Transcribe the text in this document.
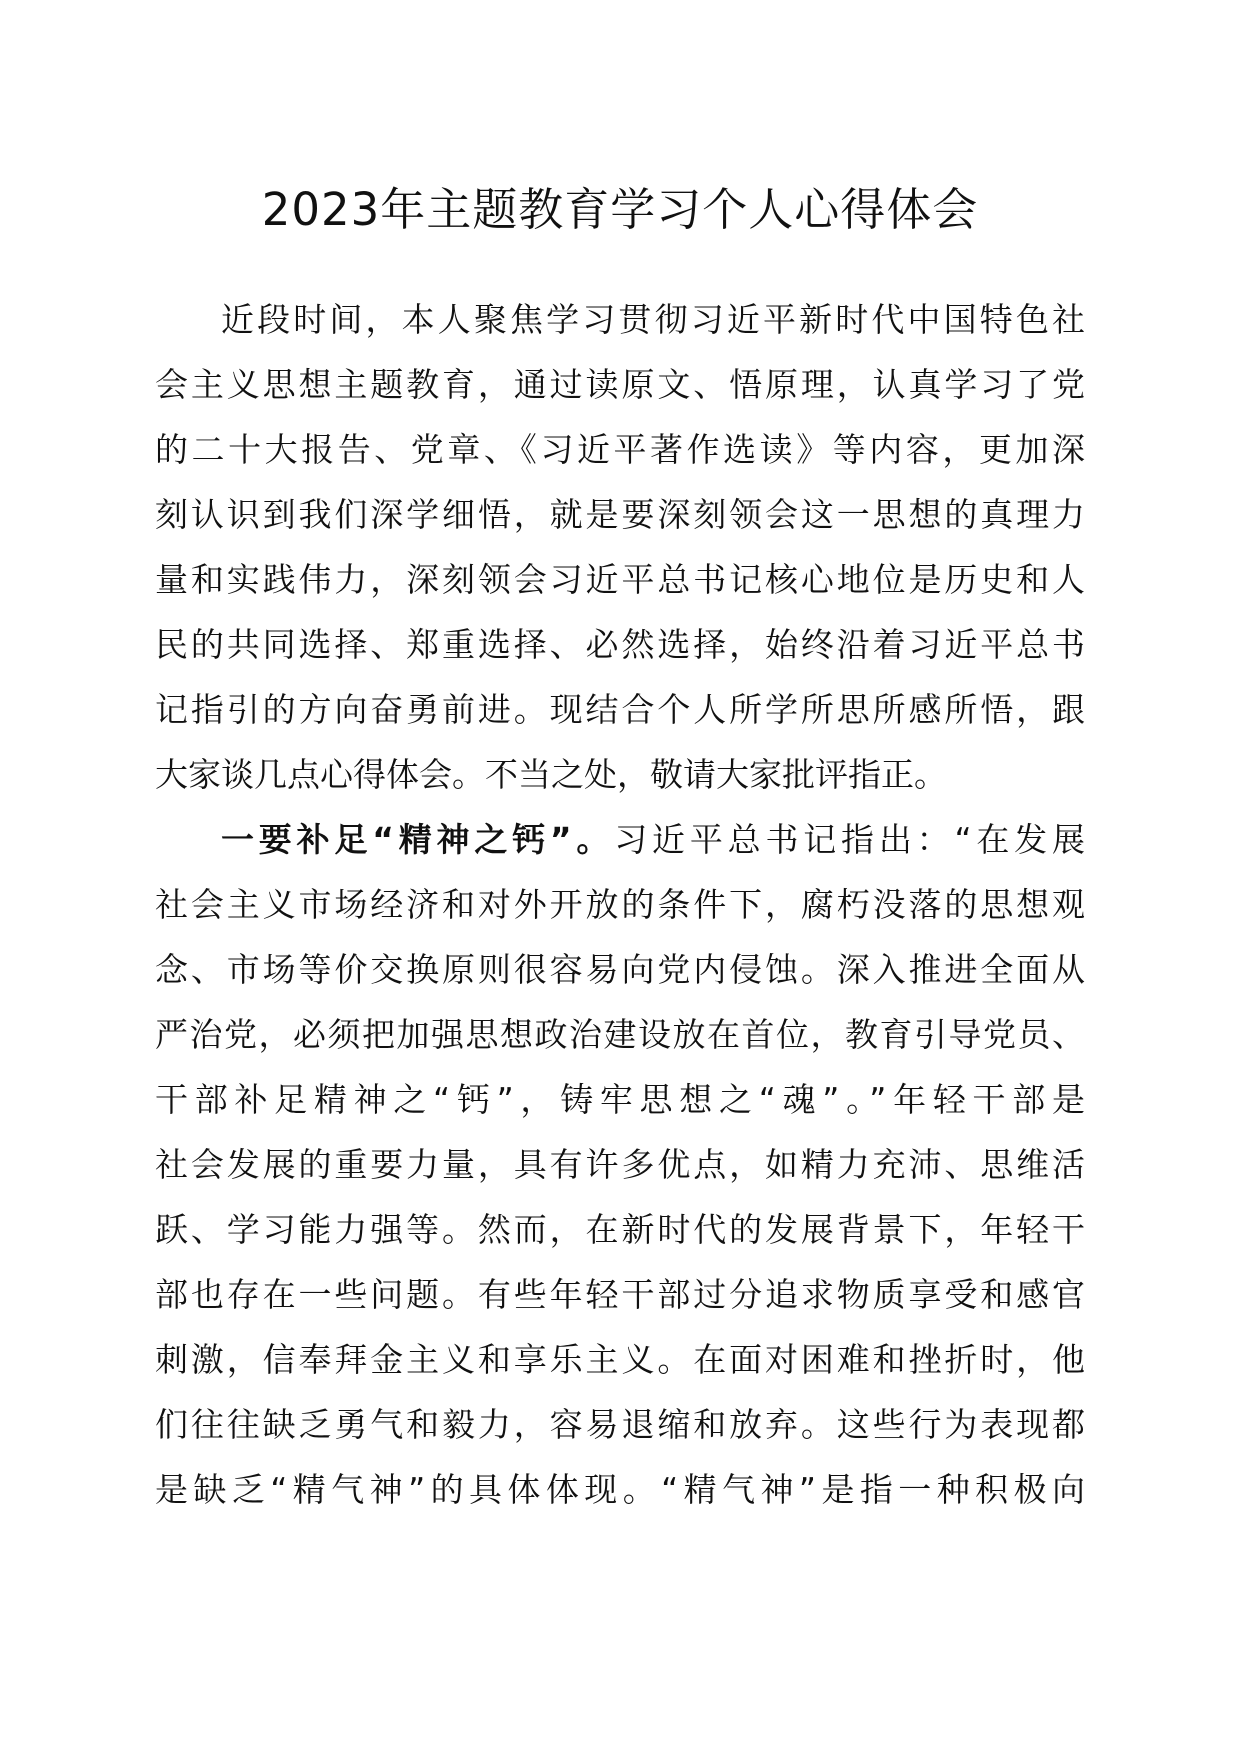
2023年主题教育学习个人心得体会
近段时间，本人聚焦学习贯彻习近平新时代中国特色社
会主义思想主题教育，通过读原文、悟原理，认真学习了党
的二十大报告、党章、《习近平著作选读》等内容，更加深
刻认识到我们深学细悟，就是要深刻领会这一思想的真理力
量和实践伟力，深刻领会习近平总书记核心地位是历史和人
民的共同选择、郑重选择、必然选择，始终沿着习近平总书
记指引的方向奋勇前进。现结合个人所学所思所感所悟，跟
大家谈几点心得体会。不当之处，敬请大家批评指正。
一要补足“精神之钙”。习近平总书记指出：“在发展
社会主义市场经济和对外开放的条件下，腐朽没落的思想观
念、市场等价交换原则很容易向党内侵蚀。深入推进全面从
严治党，必须把加强思想政治建设放在首位，教育引导党员、
干部补足精神之“钙”，铸牢思想之“魂”。”年轻干部是
社会发展的重要力量，具有许多优点，如精力充沛、思维活
跃、学习能力强等。然而，在新时代的发展背景下，年轻干
部也存在一些问题。有些年轻干部过分追求物质享受和感官
刺激，信奉拜金主义和享乐主义。在面对困难和挫折时，他
们往往缺乏勇气和毅力，容易退缩和放弃。这些行为表现都
是缺乏“精气神”的具体体现。“精气神”是指一种积极向
